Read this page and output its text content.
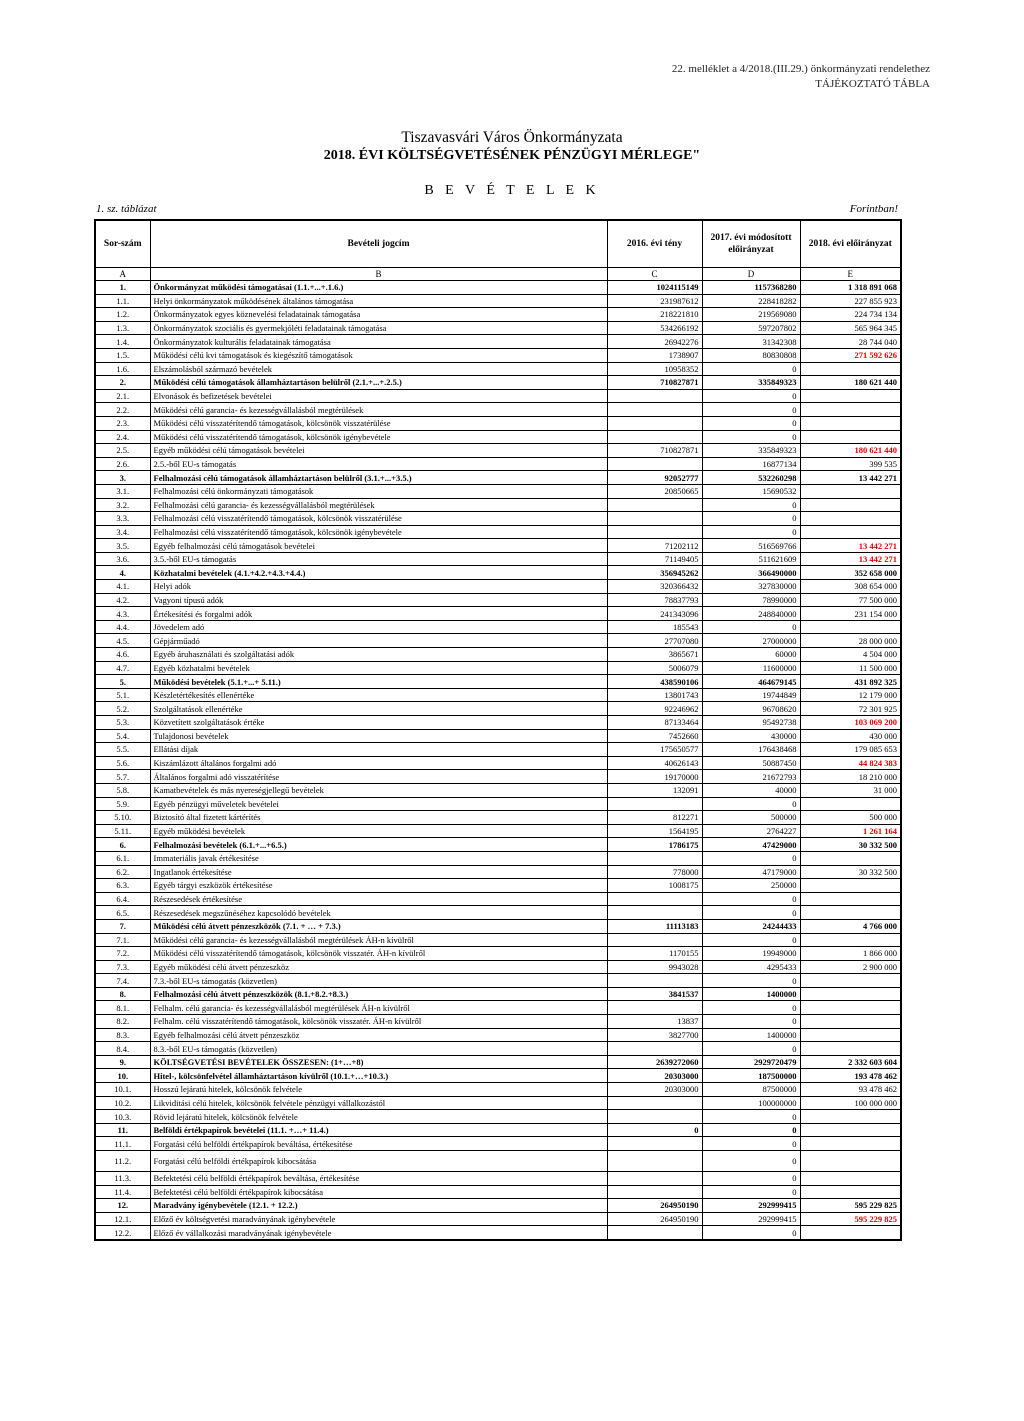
22. melléklet a 4/2018.(III.29.) önkormányzati rendelethez
TÁJÉKOZTATÓ TÁBLA
Tiszavasvári Város Önkormányzata
2018. ÉVI KÖLTSÉGVETÉSÉNEK PÉNZÜGYI MÉRLEGE"
B E V É T E L E K
1. sz. táblázat	Forintban!
Sor-szám	Bevételi jogcím	2016. évi tény	2017. évi módosított előirányzat	2018. évi előirányzat
A	B	C	D	E
1.	Önkormányzat működési támogatásai (1.1.+...+.1.6.)	1024115149	1157368280	1 318 891 068
1.1.	Helyi önkormányzatok működésének általános támogatása	231987612	228418282	227 855 923
1.2.	Önkormányzatok egyes köznevelési feladatainak támogatása	218221810	219569080	224 734 134
1.3.	Önkormányzatok szociális és gyermekjóléti feladatainak támogatása	534266192	597207802	565 964 345
1.4.	Önkormányzatok kulturális feladatainak támogatása	26942276	31342308	28 744 040
1.5.	Működési célú kvi támogatások és kiegészítő támogatások	1738907	80830808	271 592 626
1.6.	Elszámolásból származó bevételek	10958352	0	
2.	Működési célú támogatások államháztartáson belülről (2.1.+...+.2.5.)	710827871	335849323	180 621 440
2.1.	Elvonások és befizetések bevételei		0	
2.2.	Működési célú garancia- és kezességvállalásból megtérülések		0	
2.3.	Működési célú visszatérítendő támogatások, kölcsönök visszatérülése		0	
2.4.	Működési célú visszatérítendő támogatások, kölcsönök igénybevétele		0	
2.5.	Egyéb működési célú támogatások bevételei	710827871	335849323	180 621 440
2.6.	2.5.-ből EU-s támogatás		16877134	399 535
3.	Felhalmozási célú támogatások államháztartáson belülről (3.1.+...+3.5.)	92052777	532260298	13 442 271
3.1.	Felhalmozási célú önkormányzati támogatások	20850665	15690532	
3.2.	Felhalmozási célú garancia- és kezességvállalásból megtérülések		0	
3.3.	Felhalmozási célú visszatérítendő támogatások, kölcsönök visszatérülése		0	
3.4.	Felhalmozási célú visszatérítendő támogatások, kölcsönök igénybevétele		0	
3.5.	Egyéb felhalmozási célú támogatások bevételei	71202112	516569766	13 442 271
3.6.	3.5.-ből EU-s támogatás	71149405	511621609	13 442 271
4.	Közhatalmi bevételek (4.1.+4.2.+4.3.+4.4.)	356945262	366490000	352 658 000
4.1.	Helyi adók	320366432	327830000	308 654 000
4.2.	Vagyoni típusú adók	78837793	78990000	77 500 000
4.3.	Értékesítési és forgalmi adók	241343096	248840000	231 154 000
4.4.	Jövedelem adó	185543	0	
4.5.	Gépjárműadó	27707080	27000000	28 000 000
4.6.	Egyéb áruhasználati és szolgáltatási adók	3865671	60000	4 504 000
4.7.	Egyéb közhatalmi bevételek	5006079	11600000	11 500 000
5.	Működési bevételek (5.1.+...+ 5.11.)	438590106	464679145	431 892 325
5.1.	Készletértékesítés ellenértéke	13801743	19744849	12 179 000
5.2.	Szolgáltatások ellenértéke	92246962	96708620	72 301 925
5.3.	Közvetített szolgáltatások értéke	87133464	95492738	103 069 200
5.4.	Tulajdonosi bevételek	7452660	430000	430 000
5.5.	Ellátási díjak	175650577	176438468	179 085 653
5.6.	Kiszámlázott általános forgalmi adó	40626143	50887450	44 824 383
5.7.	Általános forgalmi adó visszatérítése	19170000	21672793	18 210 000
5.8.	Kamatbevételek és más nyereségjellegű bevételek	132091	40000	31 000
5.9.	Egyéb pénzügyi műveletek bevételei		0	
5.10.	Biztosító által fizetett kártérítés	812271	500000	500 000
5.11.	Egyéb működési bevételek	1564195	2764227	1 261 164
6.	Felhalmozási bevételek (6.1.+...+6.5.)	1786175	47429000	30 332 500
6.1.	Immateriális javak értékesítése		0	
6.2.	Ingatlanok értékesítése	778000	47179000	30 332 500
6.3.	Egyéb tárgyi eszközök értékesítése	1008175	250000	
6.4.	Részesedések értékesítése		0	
6.5.	Részesedések megszűnéséhez kapcsolódó bevételek		0	
7.	Működési célú átvett pénzeszközök (7.1. + … + 7.3.)	11113183	24244433	4 766 000
7.1.	Működési célú garancia- és kezességvállalásból megtérülések ÁH-n kívülről		0	
7.2.	Működési célú visszatérítendő támogatások, kölcsönök visszatér. ÁH-n kívülről	1170155	19949000	1 866 000
7.3.	Egyéb működési célú átvett pénzeszköz	9943028	4295433	2 900 000
7.4.	7.3.-ből EU-s támogatás (közvetlen)		0	
8.	Felhalmozási célú átvett pénzeszközök (8.1.+8.2.+8.3.)	3841537	1400000	
8.1.	Felhalm. célú garancia- és kezességvállalásból megtérülések ÁH-n kívülről		0	
8.2.	Felhalm. célú visszatérítendő támogatások, kölcsönök visszatér. ÁH-n kívülről	13837	0	
8.3.	Egyéb felhalmozási célú átvett pénzeszköz	3827700	1400000	
8.4.	8.3.-ből EU-s támogatás (közvetlen)		0	
9.	KÖLTSÉGVETÉSI BEVÉTELEK ÖSSZESEN: (1+…+8)	2639272060	2929720479	2 332 603 604
10.	Hitel-, kölcsönfelvétel államháztartáson kívülről (10.1.+…+10.3.)	20303000	187500000	193 478 462
10.1.	Hosszú lejáratú hitelek, kölcsönök felvétele	20303000	87500000	93 478 462
10.2.	Likviditási célú hitelek, kölcsönök felvétele pénzügyi vállalkozástól		100000000	100 000 000
10.3.	Rövid lejáratú hitelek, kölcsönök felvétele		0	
11.	Belföldi értékpapírok bevételei (11.1. +…+ 11.4.)	0	0	
11.1.	Forgatási célú belföldi értékpapírok beváltása, értékesítése		0	
11.2.	Forgatási célú belföldi értékpapírok kibocsátása		0	
11.3.	Befektetési célú belföldi értékpapírok beváltása, értékesítése		0	
11.4.	Befektetési célú belföldi értékpapírok kibocsátása		0	
12.	Maradvány igénybevétele (12.1. + 12.2.)	264950190	292999415	595 229 825
12.1.	Előző év költségvetési maradványának igénybevétele	264950190	292999415	595 229 825
12.2.	Előző év vállalkozási maradványának igénybevétele		0	
